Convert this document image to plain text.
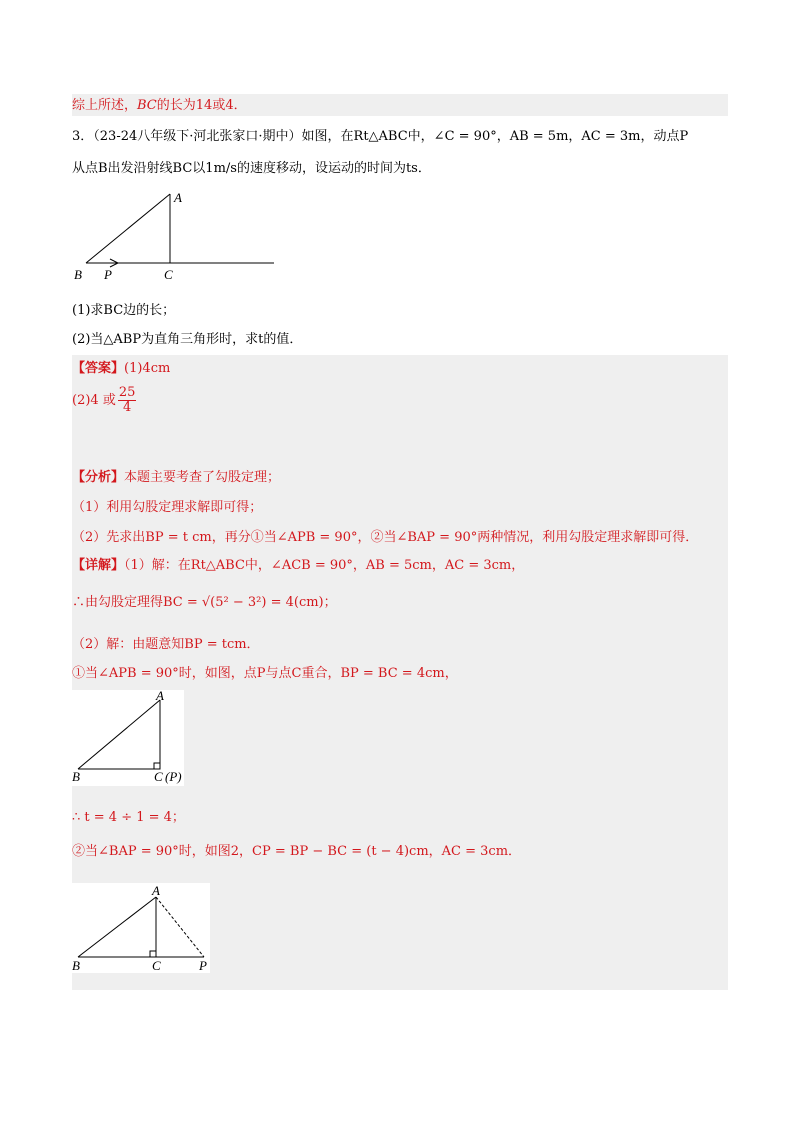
综上所述，BC的长为14或4．
3．（23-24八年级下·河北张家口·期中）如图，在Rt△ABC中，∠C = 90°，AB = 5m，AC = 3m，动点P
从点B出发沿射线BC以1m/s的速度移动，设运动的时间为ts．
A
B	C
P
(1)求BC边的长；
(2)当△ABP为直角三角形时，求t的值．
【答案】(1)4cm
(2)4 或 $\frac{25}{4}$
【分析】本题主要考查了勾股定理；
（1）利用勾股定理求解即可得；
（2）先求出BP = t cm，再分①当∠APB = 90°，②当∠BAP = 90°两种情况，利用勾股定理求解即可得．
【详解】（1）解：在Rt△ABC中，∠ACB = 90°，AB = 5cm，AC = 3cm，
∴由勾股定理得BC = √(5² − 3²) = 4(cm)；
（2）解：由题意知BP = tcm．
①当∠APB = 90°时，如图，点P与点C重合，BP = BC = 4cm，
A
B	C (P)
∴ t = 4 ÷ 1 = 4；
②当∠BAP = 90°时，如图2，CP = BP − BC = (t − 4)cm，AC = 3cm．
A
B	C	P
